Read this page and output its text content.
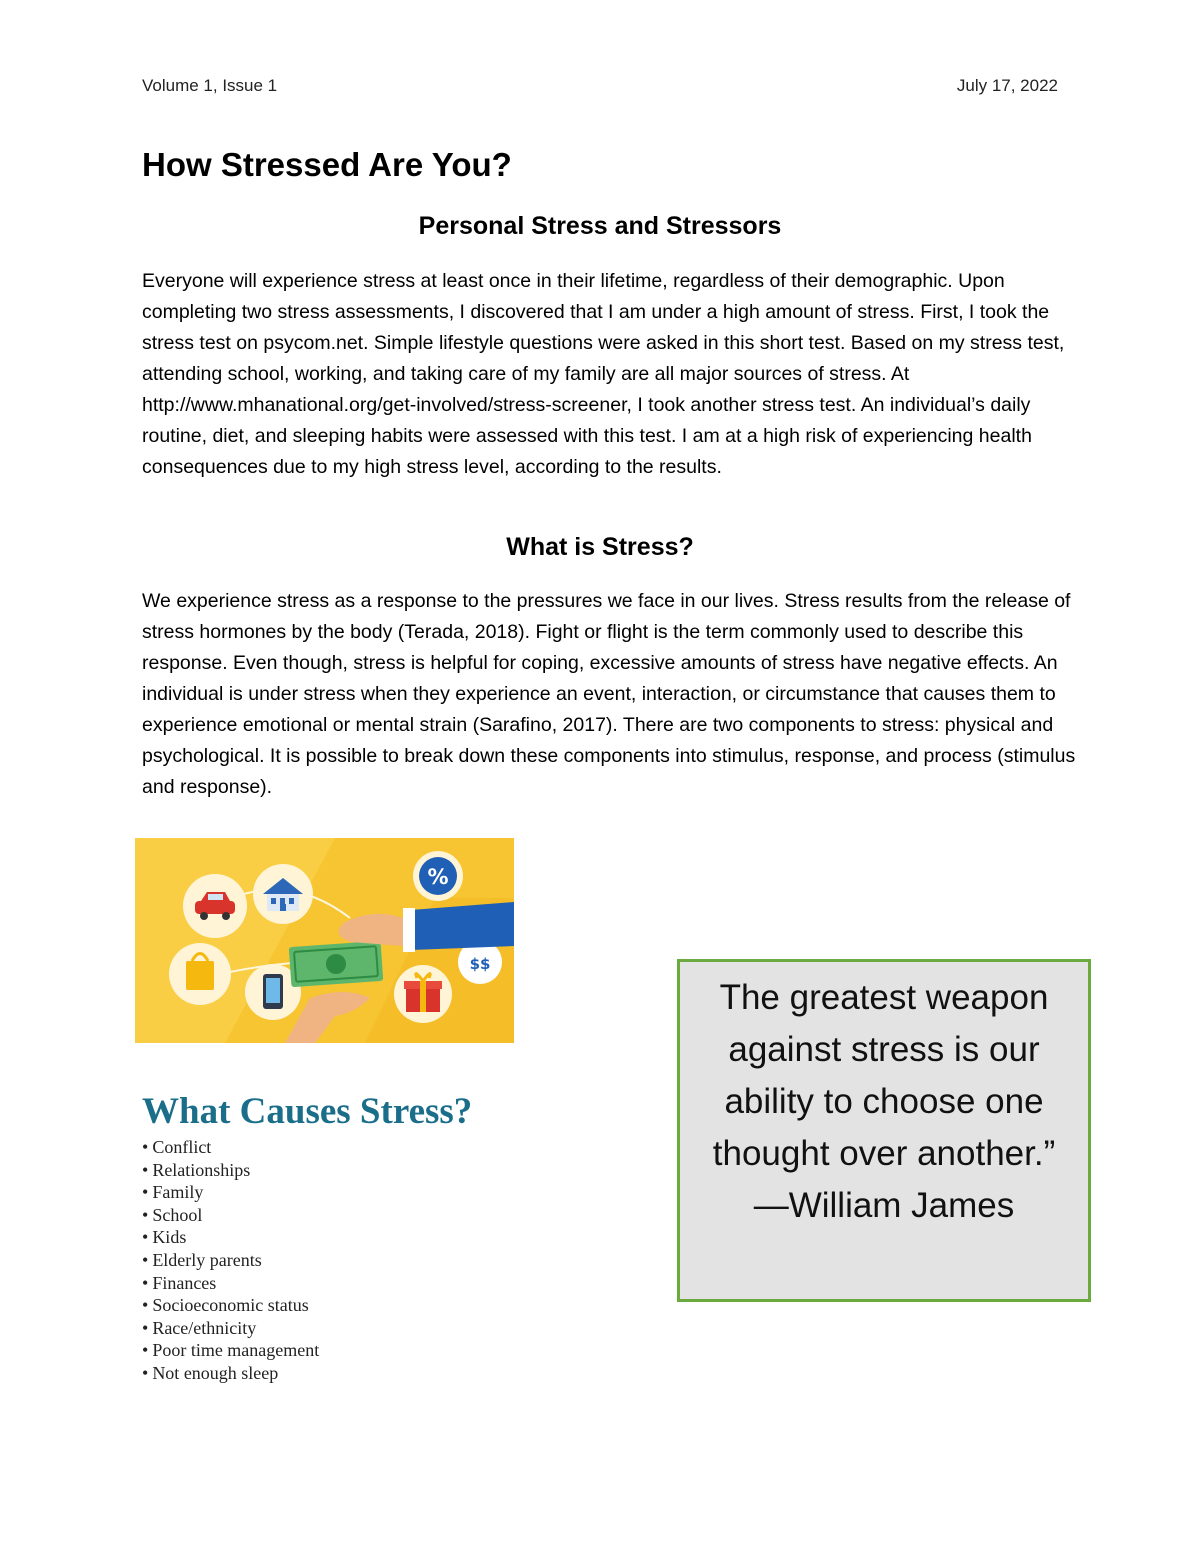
Volume 1, Issue 1	July 17, 2022
How Stressed Are You?
Personal Stress and Stressors

Everyone will experience stress at least once in their lifetime, regardless of their demographic. Upon completing two stress assessments, I discovered that I am under a high amount of stress. First, I took the stress test on psycom.net. Simple lifestyle questions were asked in this short test. Based on my stress test, attending school, working, and taking care of my family are all major sources of stress. At http://www.mhanational.org/get-involved/stress-screener, I took another stress test. An individual’s daily routine, diet, and sleeping habits were assessed with this test. I am at a high risk of experiencing health consequences due to my high stress level, according to the results.

What is Stress?

We experience stress as a response to the pressures we face in our lives. Stress results from the release of stress hormones by the body (Terada, 2018). Fight or flight is the term commonly used to describe this response. Even though, stress is helpful for coping, excessive amounts of stress have negative effects. An individual is under stress when they experience an event, interaction, or circumstance that causes them to experience emotional or mental strain (Sarafino, 2017). There are two components to stress: physical and psychological. It is possible to break down these components into stimulus, response, and process (stimulus and response).

%
$$
What Causes Stress?
• Conflict
• Relationships
• Family
• School
• Kids
• Elderly parents
• Finances
• Socioeconomic status
• Race/ethnicity
• Poor time management
• Not enough sleep

The greatest weapon
against stress is our
ability to choose one
thought over another.”
—William James
